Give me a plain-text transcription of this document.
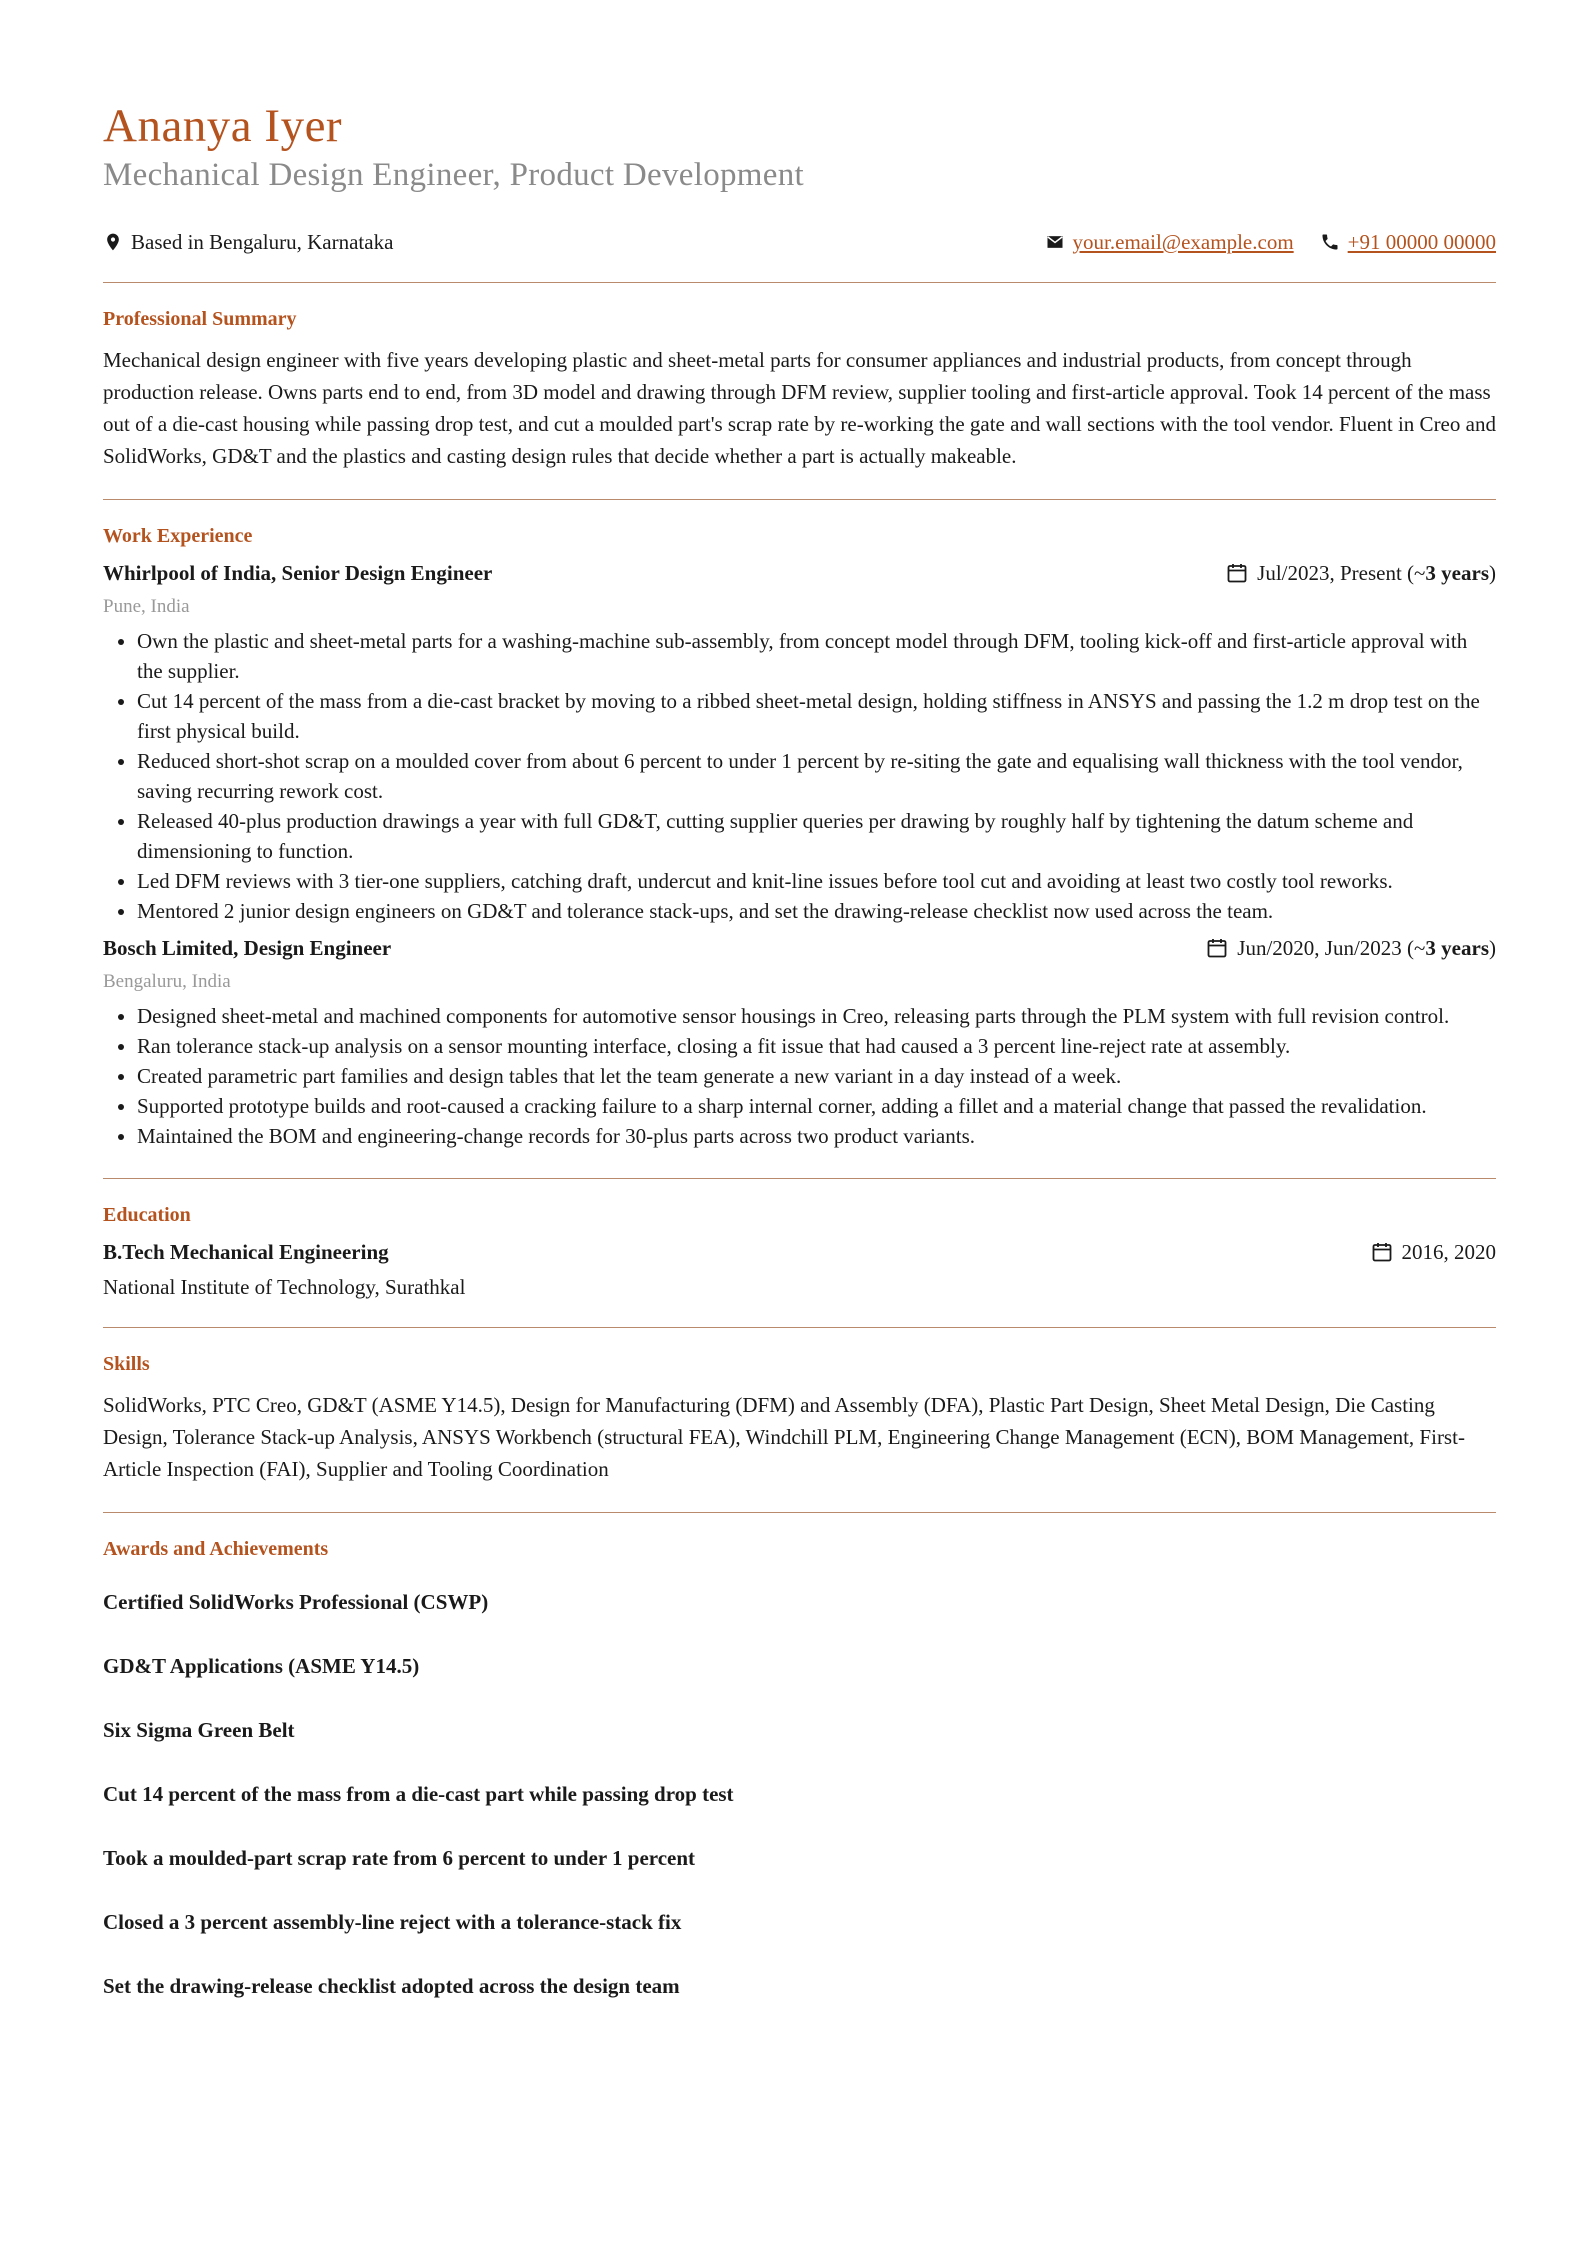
Ananya Iyer
Mechanical Design Engineer, Product Development
Based in Bengaluru, Karnataka	your.email@example.com	+91 00000 00000
Professional Summary

Mechanical design engineer with five years developing plastic and sheet-metal parts for consumer appliances and industrial products, from concept through production release. Owns parts end to end, from 3D model and drawing through DFM review, supplier tooling and first-article approval. Took 14 percent of the mass out of a die-cast housing while passing drop test, and cut a moulded part's scrap rate by re-working the gate and wall sections with the tool vendor. Fluent in Creo and SolidWorks, GD&T and the plastics and casting design rules that decide whether a part is actually makeable.

Work Experience
Whirlpool of India, Senior Design Engineer	Jul/2023, Present (~ 3 years )
Pune, India
• Own the plastic and sheet-metal parts for a washing-machine sub-assembly, from concept model through DFM, tooling kick-off and first-article approval with the supplier.
• Cut 14 percent of the mass from a die-cast bracket by moving to a ribbed sheet-metal design, holding stiffness in ANSYS and passing the 1.2 m drop test on the first physical build.
• Reduced short-shot scrap on a moulded cover from about 6 percent to under 1 percent by re-siting the gate and equalising wall thickness with the tool vendor, saving recurring rework cost.
• Released 40-plus production drawings a year with full GD&T, cutting supplier queries per drawing by roughly half by tightening the datum scheme and dimensioning to function.
• Led DFM reviews with 3 tier-one suppliers, catching draft, undercut and knit-line issues before tool cut and avoiding at least two costly tool reworks.
• Mentored 2 junior design engineers on GD&T and tolerance stack-ups, and set the drawing-release checklist now used across the team.
Bosch Limited, Design Engineer	Jun/2020, Jun/2023 (~ 3 years )
Bengaluru, India
• Designed sheet-metal and machined components for automotive sensor housings in Creo, releasing parts through the PLM system with full revision control.
• Ran tolerance stack-up analysis on a sensor mounting interface, closing a fit issue that had caused a 3 percent line-reject rate at assembly.
• Created parametric part families and design tables that let the team generate a new variant in a day instead of a week.
• Supported prototype builds and root-caused a cracking failure to a sharp internal corner, adding a fillet and a material change that passed the revalidation.
• Maintained the BOM and engineering-change records for 30-plus parts across two product variants.
Education
B.Tech Mechanical Engineering	2016, 2020
National Institute of Technology, Surathkal
Skills

SolidWorks, PTC Creo, GD&T (ASME Y14.5), Design for Manufacturing (DFM) and Assembly (DFA), Plastic Part Design, Sheet Metal Design, Die Casting Design, Tolerance Stack-up Analysis, ANSYS Workbench (structural FEA), Windchill PLM, Engineering Change Management (ECN), BOM Management, First-Article Inspection (FAI), Supplier and Tooling Coordination

Awards and Achievements
Certified SolidWorks Professional (CSWP)
GD&T Applications (ASME Y14.5)
Six Sigma Green Belt
Cut 14 percent of the mass from a die-cast part while passing drop test
Took a moulded-part scrap rate from 6 percent to under 1 percent
Closed a 3 percent assembly-line reject with a tolerance-stack fix
Set the drawing-release checklist adopted across the design team
